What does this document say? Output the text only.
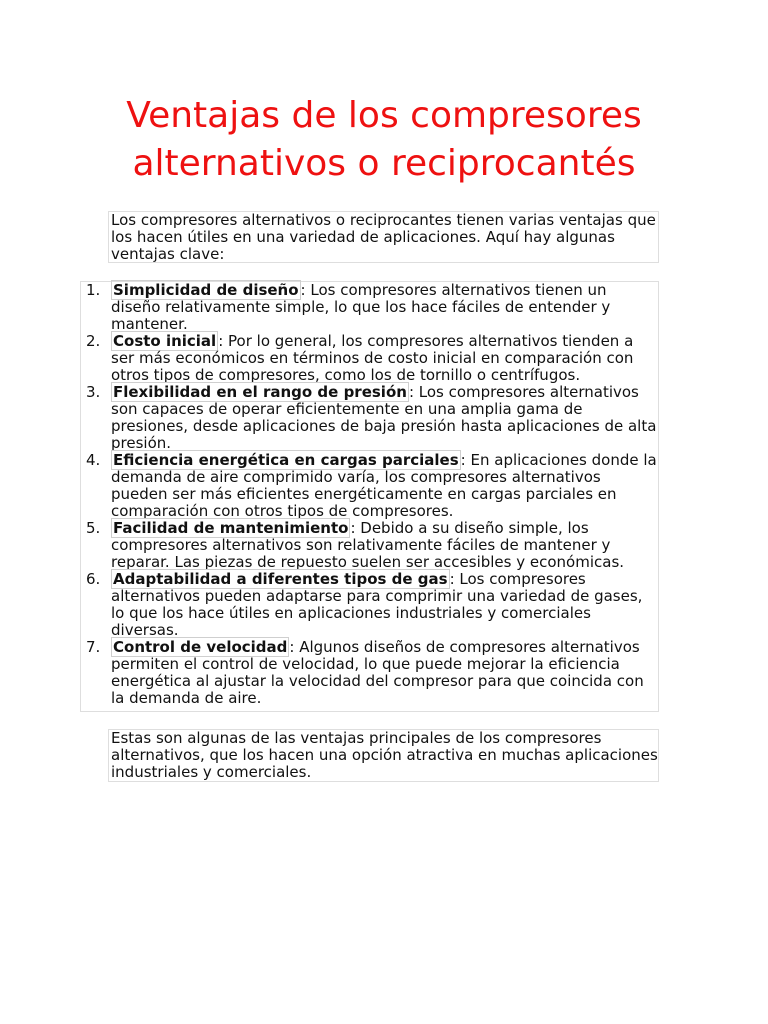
Ventajas de los compresores alternativos o reciprocantés

Los compresores alternativos o reciprocantes tienen varias ventajas que los hacen útiles en una variedad de aplicaciones. Aquí hay algunas ventajas clave:

1. Simplicidad de diseño : Los compresores alternativos tienen un diseño relativamente simple, lo que los hace fáciles de entender y mantener.
2. Costo inicial : Por lo general, los compresores alternativos tienden a ser más económicos en términos de costo inicial en comparación con otros tipos de compresores, como los de tornillo o centrífugos.
3. Flexibilidad en el rango de presión : Los compresores alternativos son capaces de operar eficientemente en una amplia gama de presiones, desde aplicaciones de baja presión hasta aplicaciones de alta presión.
4. Eficiencia energética en cargas parciales : En aplicaciones donde la demanda de aire comprimido varía, los compresores alternativos pueden ser más eficientes energéticamente en cargas parciales en comparación con otros tipos de compresores.
5. Facilidad de mantenimiento : Debido a su diseño simple, los compresores alternativos son relativamente fáciles de mantener y reparar. Las piezas de repuesto suelen ser accesibles y económicas.
6. Adaptabilidad a diferentes tipos de gas : Los compresores alternativos pueden adaptarse para comprimir una variedad de gases, lo que los hace útiles en aplicaciones industriales y comerciales diversas.
7. Control de velocidad : Algunos diseños de compresores alternativos permiten el control de velocidad, lo que puede mejorar la eficiencia energética al ajustar la velocidad del compresor para que coincida con la demanda de aire.

Estas son algunas de las ventajas principales de los compresores alternativos, que los hacen una opción atractiva en muchas aplicaciones industriales y comerciales.
